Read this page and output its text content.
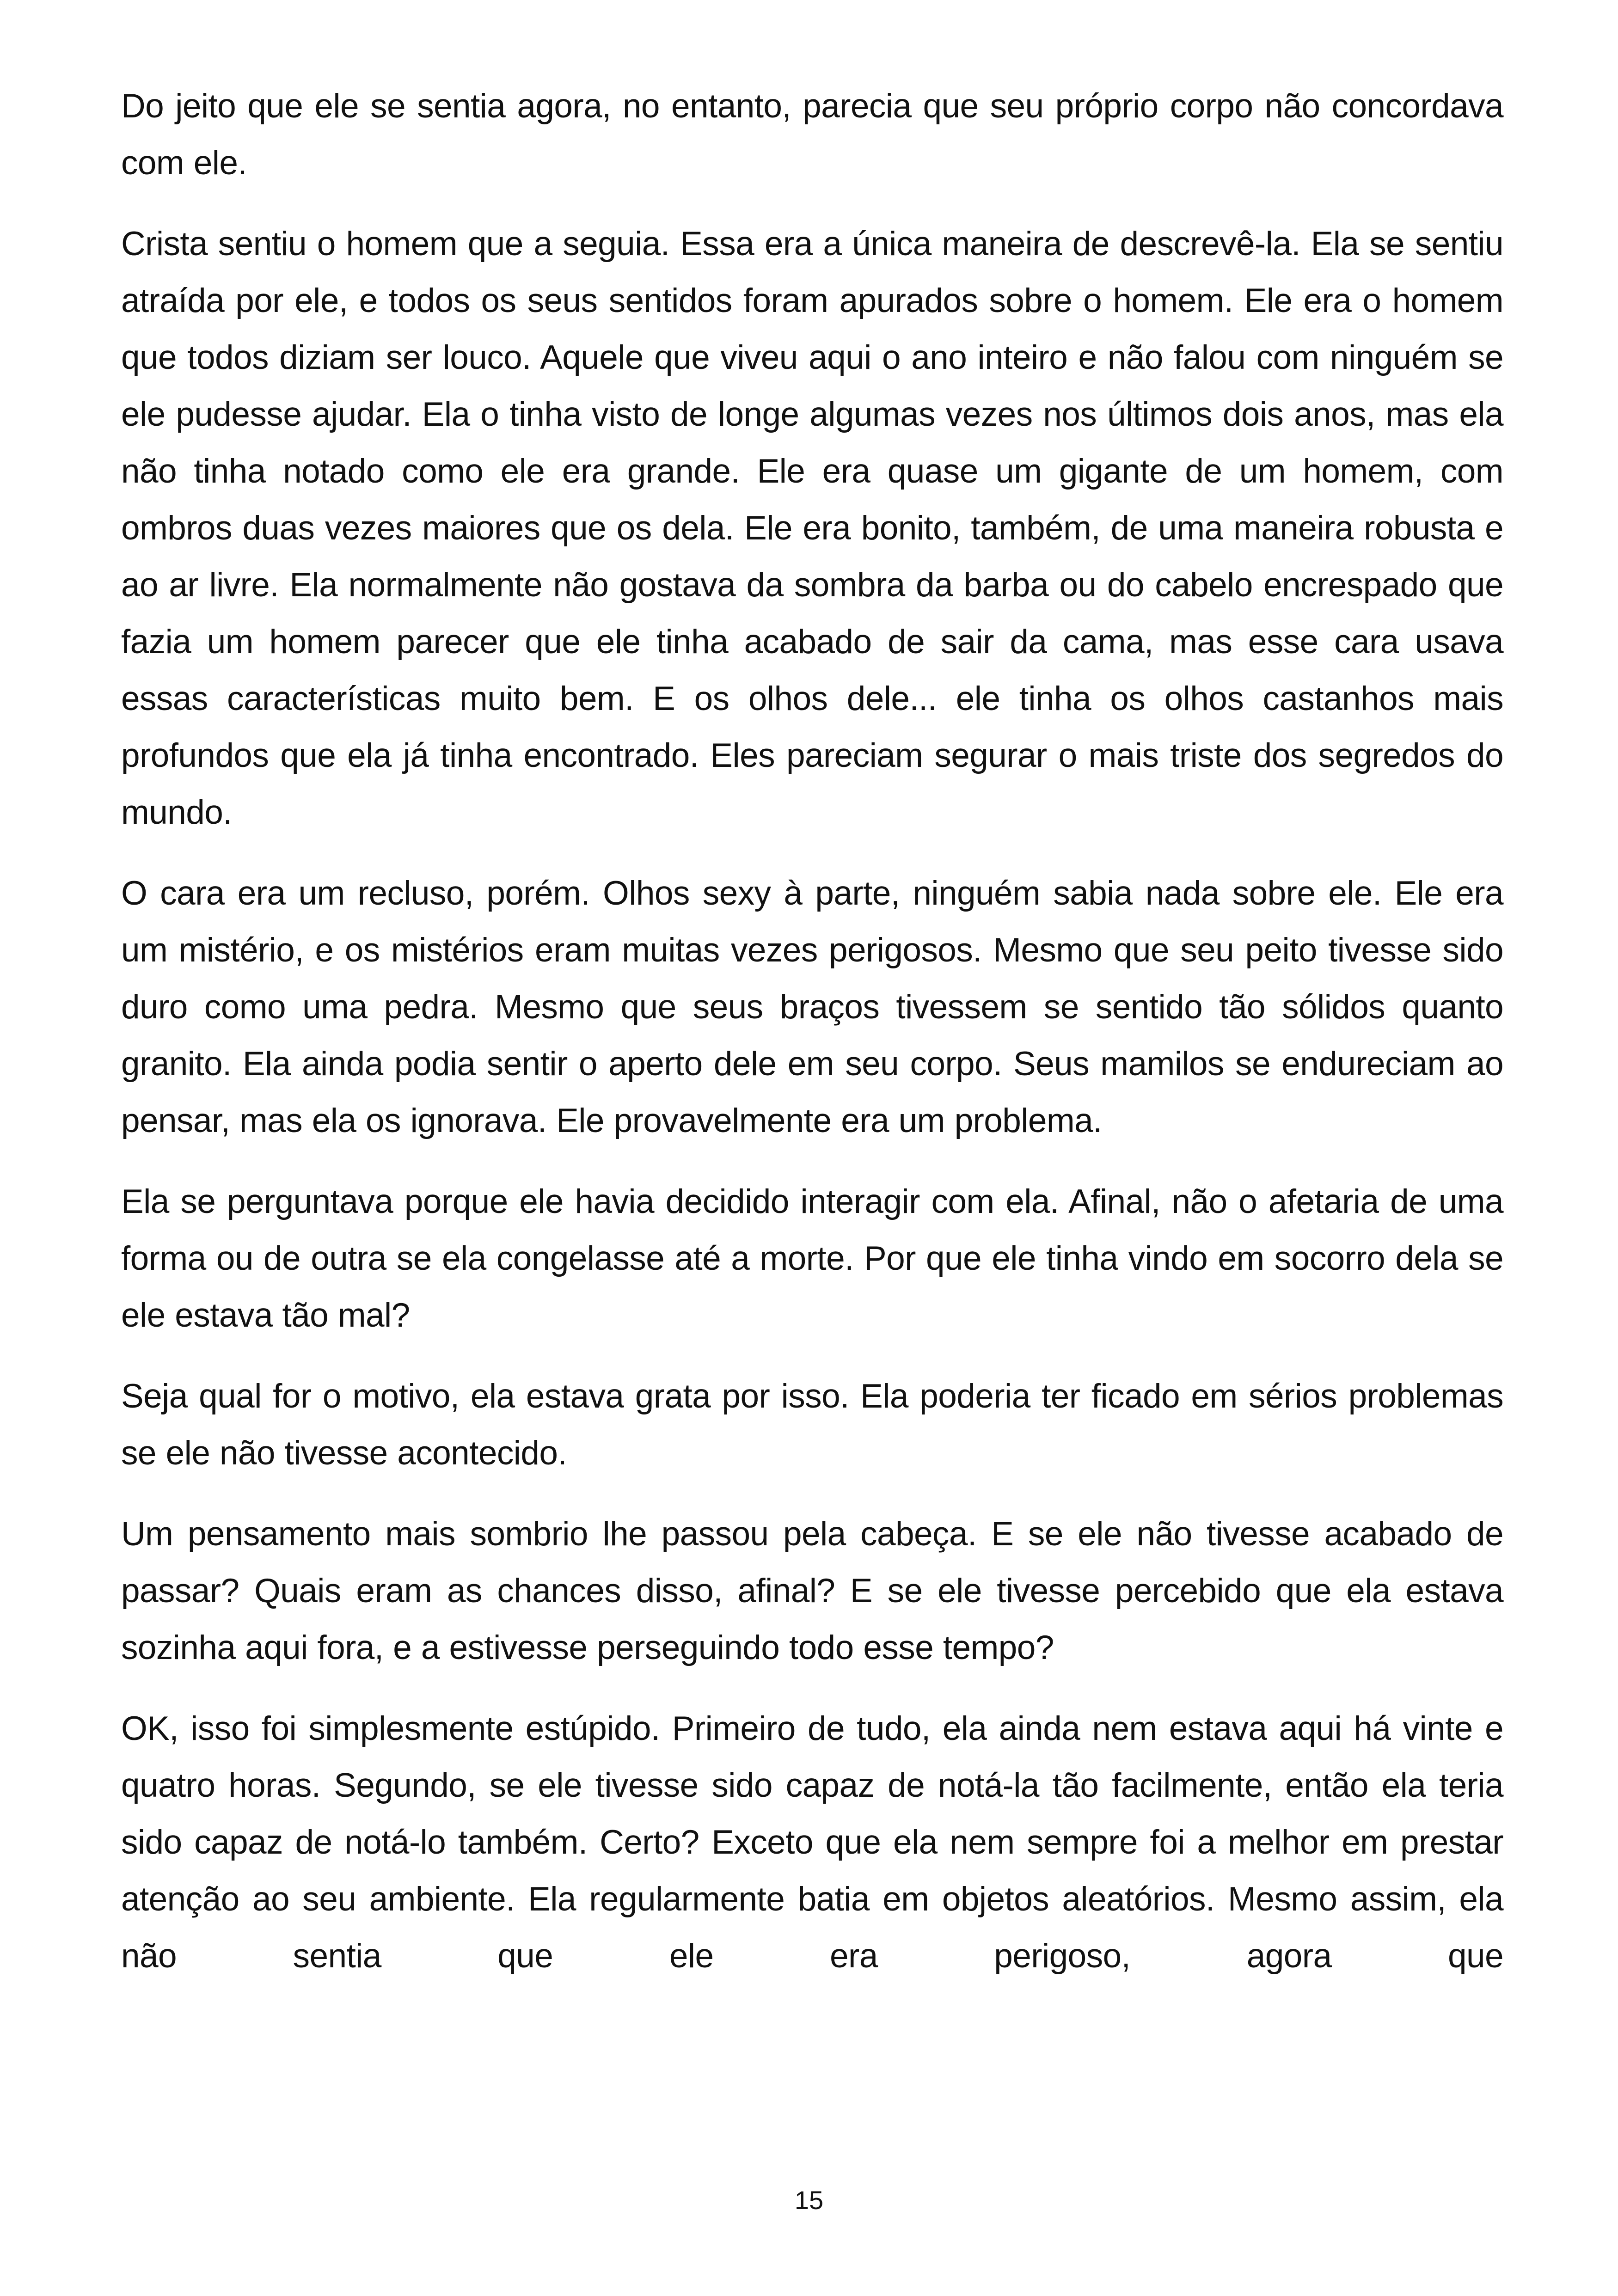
Do jeito que ele se sentia agora, no entanto, parecia que seu próprio corpo não concordava com ele.

Crista sentiu o homem que a seguia. Essa era a única maneira de descrevê-la. Ela se sentiu atraída por ele, e todos os seus sentidos foram apurados sobre o homem. Ele era o homem que todos diziam ser louco. Aquele que viveu aqui o ano inteiro e não falou com ninguém se ele pudesse ajudar. Ela o tinha visto de longe algumas vezes nos últimos dois anos, mas ela não tinha notado como ele era grande. Ele era quase um gigante de um homem, com ombros duas vezes maiores que os dela. Ele era bonito, também, de uma maneira robusta e ao ar livre. Ela normalmente não gostava da sombra da barba ou do cabelo encrespado que fazia um homem parecer que ele tinha acabado de sair da cama, mas esse cara usava essas características muito bem. E os olhos dele... ele tinha os olhos castanhos mais profundos que ela já tinha encontrado. Eles pareciam segurar o mais triste dos segredos do mundo.

O cara era um recluso, porém. Olhos sexy à parte, ninguém sabia nada sobre ele. Ele era um mistério, e os mistérios eram muitas vezes perigosos. Mesmo que seu peito tivesse sido duro como uma pedra. Mesmo que seus braços tivessem se sentido tão sólidos quanto granito. Ela ainda podia sentir o aperto dele em seu corpo. Seus mamilos se endureciam ao pensar, mas ela os ignorava. Ele provavelmente era um problema.

Ela se perguntava porque ele havia decidido interagir com ela. Afinal, não o afetaria de uma forma ou de outra se ela congelasse até a morte. Por que ele tinha vindo em socorro dela se ele estava tão mal?

Seja qual for o motivo, ela estava grata por isso. Ela poderia ter ficado em sérios problemas se ele não tivesse acontecido.

Um pensamento mais sombrio lhe passou pela cabeça. E se ele não tivesse acabado de passar? Quais eram as chances disso, afinal? E se ele tivesse percebido que ela estava sozinha aqui fora, e a estivesse perseguindo todo esse tempo?

OK, isso foi simplesmente estúpido. Primeiro de tudo, ela ainda nem estava aqui há vinte e quatro horas. Segundo, se ele tivesse sido capaz de notá-la tão facilmente, então ela teria sido capaz de notá-lo também. Certo? Exceto que ela nem sempre foi a melhor em prestar atenção ao seu ambiente. Ela regularmente batia em objetos aleatórios. Mesmo assim, ela não sentia que ele era perigoso, agora que

15
